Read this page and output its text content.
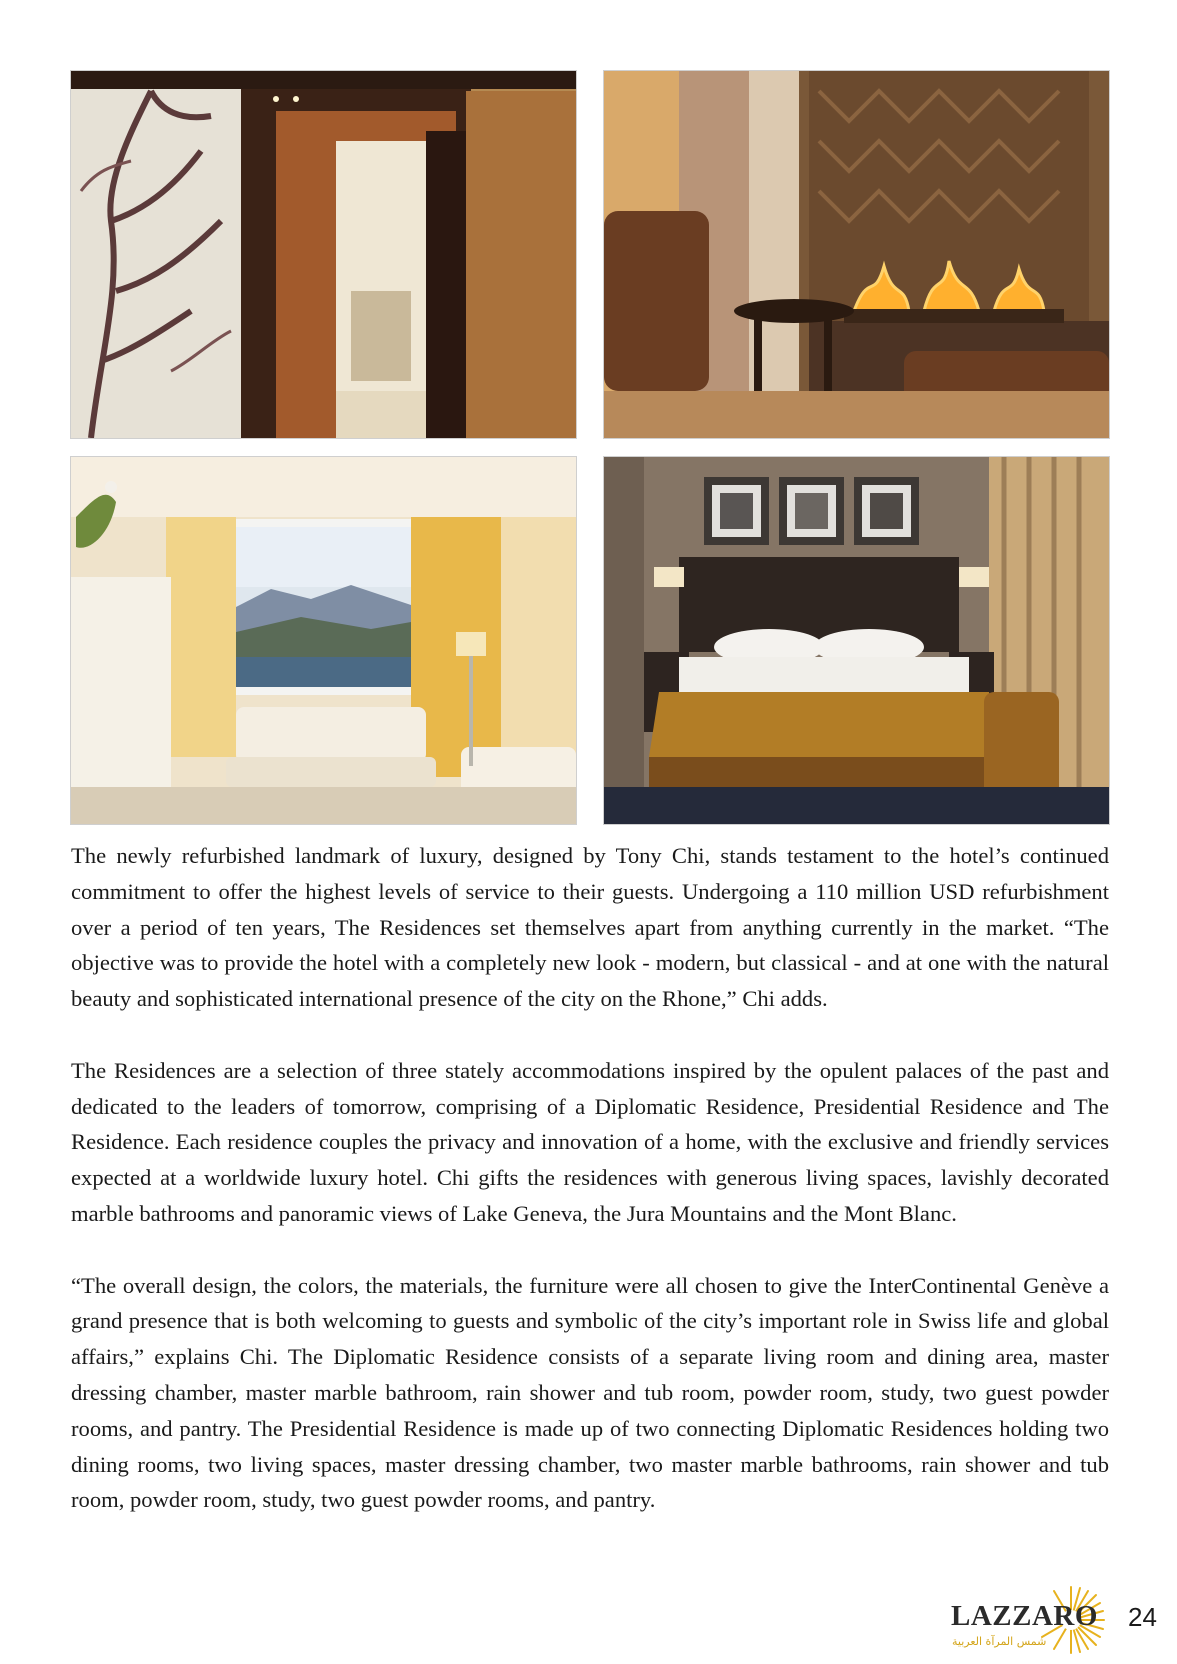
The newly refurbished landmark of luxury, designed by Tony Chi, stands testament to the hotel’s continued commitment to offer the highest levels of service to their guests. Undergoing a 110 million USD refurbishment over a period of ten years, The Residences set themselves apart from anything currently in the market. “The objective was to provide the hotel with a completely new look - modern, but classical - and at one with the natural beauty and sophisticated international presence of the city on the Rhone,” Chi adds.

The Residences are a selection of three stately accommodations inspired by the opulent palaces of the past and dedicated to the leaders of tomorrow, comprising of a Diplomatic Residence, Presidential Residence and The Residence. Each residence couples the privacy and innovation of a home, with the exclusive and friendly services expected at a worldwide luxury hotel. Chi gifts the residences with generous living spaces, lavishly decorated marble bathrooms and panoramic views of Lake Geneva, the Jura Mountains and the Mont Blanc.

“The overall design, the colors, the materials, the furniture were all chosen to give the InterContinental Genève a grand presence that is both welcoming to guests and symbolic of the city’s important role in Swiss life and global affairs,” explains Chi. The Diplomatic Residence consists of a separate living room and dining area, master dressing chamber, master marble bathroom, rain shower and tub room, powder room, study, two guest powder rooms, and pantry. The Presidential Residence is made up of two connecting Diplomatic Residences holding two dining rooms, two living spaces, master dressing chamber, two master marble bathrooms, rain shower and tub room, powder room, study, two guest powder rooms, and pantry.

LAZZARO
شمس المرآة العربية
24
